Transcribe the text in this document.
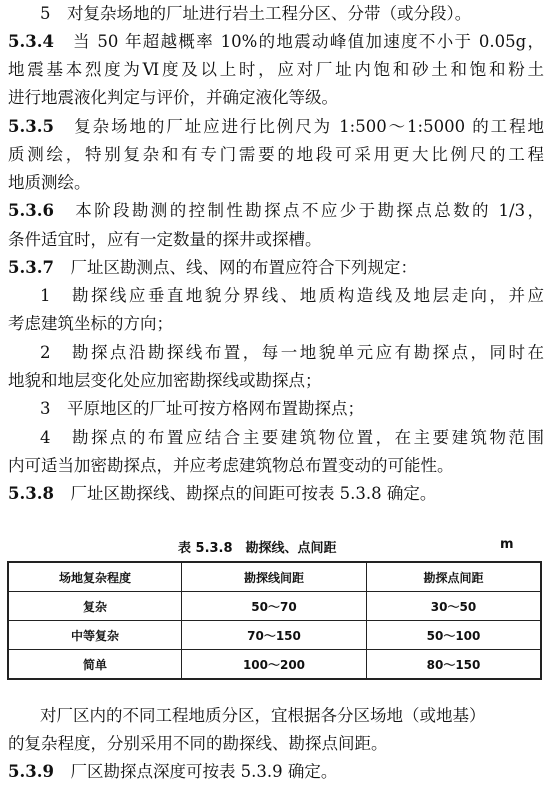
5　对复杂场地的厂址进行岩土工程分区、分带（或分段）。
5.3.4　当 50 年超越概率 10%的地震动峰值加速度不小于 0.05g，
地震基本烈度为Ⅵ度及以上时，应对厂址内饱和砂土和饱和粉土
进行地震液化判定与评价，并确定液化等级。
5.3.5　复杂场地的厂址应进行比例尺为 1:500～1:5000 的工程地
质测绘，特别复杂和有专门需要的地段可采用更大比例尺的工程
地质测绘。
5.3.6　本阶段勘测的控制性勘探点不应少于勘探点总数的 1/3，
条件适宜时，应有一定数量的探井或探槽。
5.3.7　厂址区勘测点、线、网的布置应符合下列规定：
1　勘探线应垂直地貌分界线、地质构造线及地层走向，并应
考虑建筑坐标的方向；
2　勘探点沿勘探线布置，每一地貌单元应有勘探点，同时在
地貌和地层变化处应加密勘探线或勘探点；
3　平原地区的厂址可按方格网布置勘探点；
4　勘探点的布置应结合主要建筑物位置，在主要建筑物范围
内可适当加密勘探点，并应考虑建筑物总布置变动的可能性。
5.3.8　厂址区勘探线、勘探点的间距可按表 5.3.8 确定。
表 5.3.8　勘探线、点间距	m
场地复杂程度	勘探线间距	勘探点间距
复杂	50～70	30～50
中等复杂	70～150	50～100
简单	100～200	80～150
对厂区内的不同工程地质分区，宜根据各分区场地（或地基）
的复杂程度，分别采用不同的勘探线、勘探点间距。
5.3.9　厂区勘探点深度可按表 5.3.9 确定。
